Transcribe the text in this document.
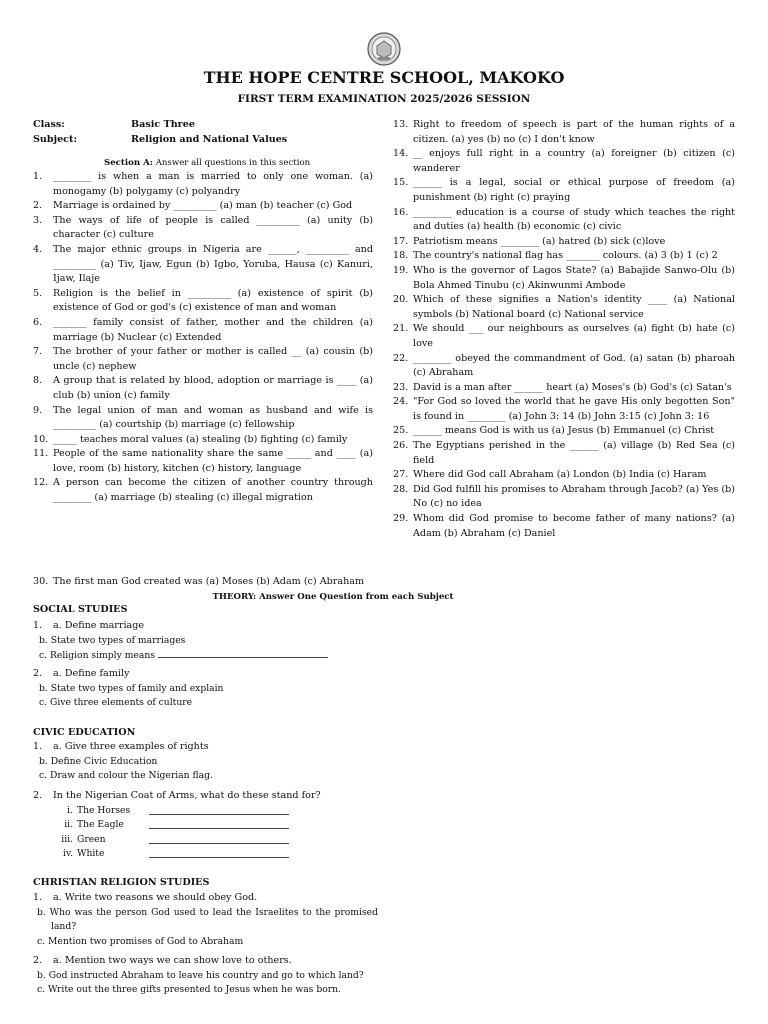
THE HOPE CENTRE SCHOOL, MAKOKO
FIRST TERM EXAMINATION 2025/2026 SESSION
Class:	Basic Three
Subject:	Religion and National Values
Section A: Answer all questions in this section
1. ________ is when a man is married to only one woman. (a) monogamy (b) polygamy (c) polyandry
2. Marriage is ordained by _________ (a) man (b) teacher (c) God
3. The ways of life of people is called _________ (a) unity (b) character (c) culture
4. The major ethnic groups in Nigeria are ______, _________ and _________ (a) Tiv, Ijaw, Egun (b) Igbo, Yoruba, Hausa (c) Kanuri, Ijaw, Ilaje
5. Religion is the belief in _________ (a) existence of spirit (b) existence of God or god's (c) existence of man and woman
6. _______ family consist of father, mother and the children (a) marriage (b) Nuclear (c) Extended
7. The brother of your father or mother is called __ (a) cousin (b) uncle (c) nephew
8. A group that is related by blood, adoption or marriage is ____ (a) club (b) union (c) family
9. The legal union of man and woman as husband and wife is _________ (a) courtship (b) marriage (c) fellowship
10. _____ teaches moral values (a) stealing (b) fighting (c) family
11. People of the same nationality share the same _____ and ____ (a) love, room (b) history, kitchen (c) history, language
12. A person can become the citizen of another country through ________ (a) marriage (b) stealing (c) illegal migration
13. Right to freedom of speech is part of the human rights of a citizen. (a) yes (b) no (c) I don't know
14. __ enjoys full right in a country (a) foreigner (b) citizen (c) wanderer
15. ______ is a legal, social or ethical purpose of freedom (a) punishment (b) right (c) praying
16. ________ education is a course of study which teaches the right and duties (a) health (b) economic (c) civic
17. Patriotism means ________ (a) hatred (b) sick (c)love
18. The country's national flag has _______ colours. (a) 3 (b) 1 (c) 2
19. Who is the governor of Lagos State? (a) Babajide Sanwo-Olu (b) Bola Ahmed Tinubu (c) Akinwunmi Ambode
20. Which of these signifies a Nation's identity ____ (a) National symbols (b) National board (c) National service
21. We should ___ our neighbours as ourselves (a) fight (b) hate (c) love
22. ________ obeyed the commandment of God. (a) satan (b) pharoah (c) Abraham
23. David is a man after ______ heart (a) Moses's (b) God's (c) Satan's
24. "For God so loved the world that he gave His only begotten Son" is found in ________ (a) John 3: 14 (b) John 3:15 (c) John 3: 16
25. ______ means God is with us (a) Jesus (b) Emmanuel (c) Christ
26. The Egyptians perished in the ______ (a) village (b) Red Sea (c) field
27. Where did God call Abraham (a) London (b) India (c) Haram
28. Did God fulfill his promises to Abraham through Jacob? (a) Yes (b) No (c) no idea
29. Whom did God promise to become father of many nations? (a) Adam (b) Abraham (c) Daniel
30. The first man God created was (a) Moses (b) Adam (c) Abraham
THEORY: Answer One Question from each Subject
SOCIAL STUDIES
1. a. Define marriage
b. State two types of marriages
c. Religion simply means
2. a. Define family
b. State two types of family and explain
c. Give three elements of culture
CIVIC EDUCATION
1. a. Give three examples of rights
b. Define Civic Education
c. Draw and colour the Nigerian flag.
2. In the Nigerian Coat of Arms, what do these stand for?
i. The Horses
ii. The Eagle
iii. Green
iv. White
CHRISTIAN RELIGION STUDIES
1. a. Write two reasons we should obey God.
b. Who was the person God used to lead the Israelites to the promised land?
c. Mention two promises of God to Abraham
2. a. Mention two ways we can show love to others.
b. God instructed Abraham to leave his country and go to which land?
c. Write out the three gifts presented to Jesus when he was born.
